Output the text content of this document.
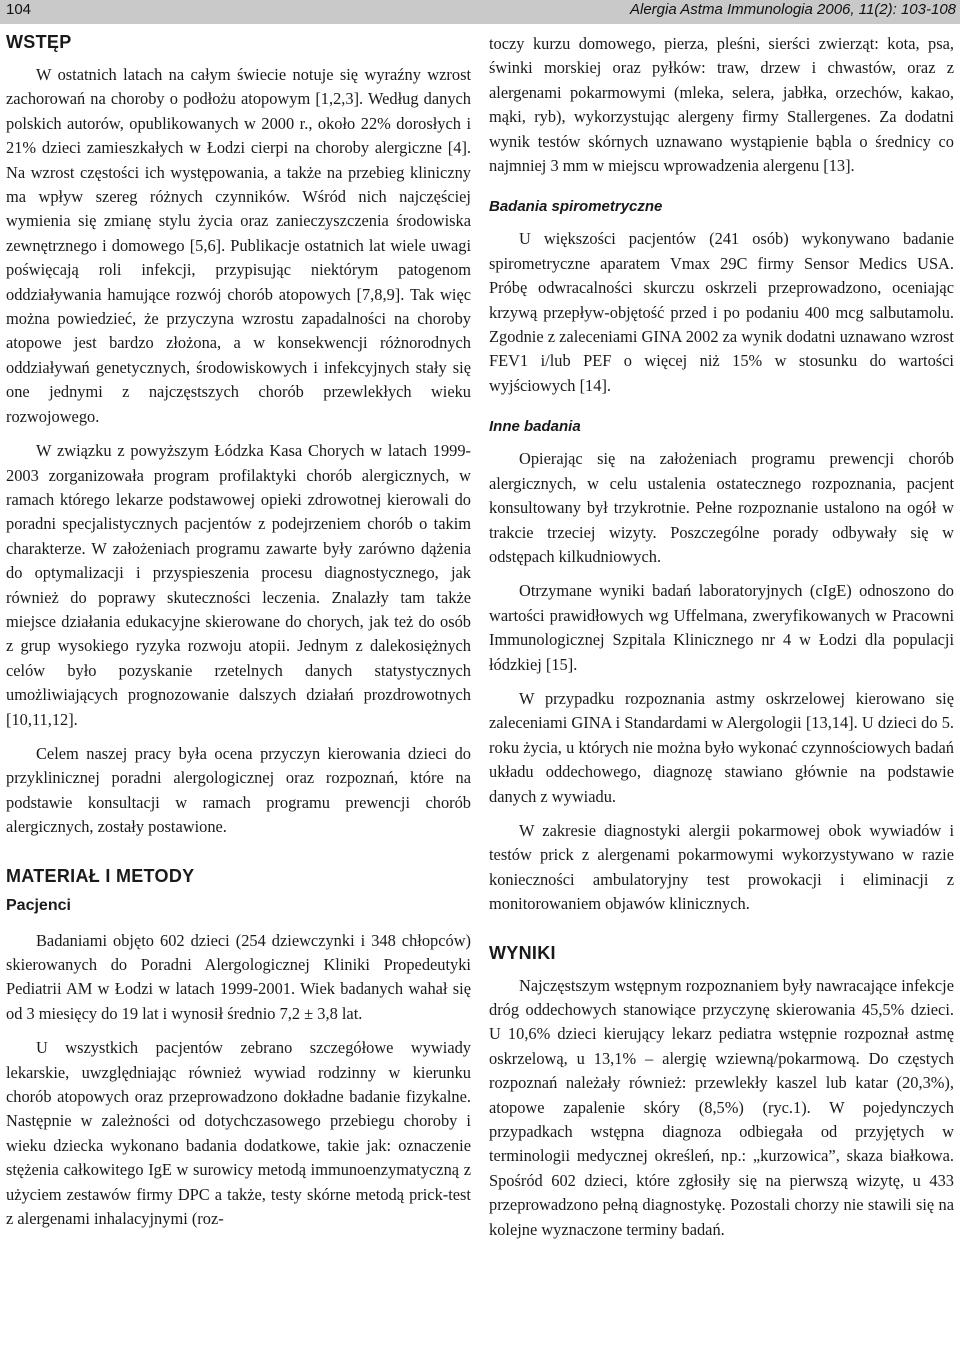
104	Alergia Astma Immunologia 2006, 11(2): 103-108
WSTĘP

W ostatnich latach na całym świecie notuje się wyraźny wzrost zachorowań na choroby o podłożu atopowym [1,2,3]. Według danych polskich autorów, opublikowanych w 2000 r., około 22% dorosłych i 21% dzieci zamieszkałych w Łodzi cierpi na choroby alergiczne [4]. Na wzrost częstości ich występowania, a także na przebieg kliniczny ma wpływ szereg różnych czynników. Wśród nich najczęściej wymienia się zmianę stylu życia oraz zanieczyszczenia środowiska zewnętrznego i domowego [5,6]. Publikacje ostatnich lat wiele uwagi poświęcają roli infekcji, przypisując niektórym patogenom oddziaływania hamujące rozwój chorób atopowych [7,8,9]. Tak więc można powiedzieć, że przyczyna wzrostu zapadalności na choroby atopowe jest bardzo złożona, a w konsekwencji różnorodnych oddziaływań genetycznych, środowiskowych i infekcyjnych stały się one jednymi z najczęstszych chorób przewlekłych wieku rozwojowego.

W związku z powyższym Łódzka Kasa Chorych w latach 1999-2003 zorganizowała program profilaktyki chorób alergicznych, w ramach którego lekarze podstawowej opieki zdrowotnej kierowali do poradni specjalistycznych pacjentów z podejrzeniem chorób o takim charakterze. W założeniach programu zawarte były zarówno dążenia do optymalizacji i przyspieszenia procesu diagnostycznego, jak również do poprawy skuteczności leczenia. Znalazły tam także miejsce działania edukacyjne skierowane do chorych, jak też do osób z grup wysokiego ryzyka rozwoju atopii. Jednym z dalekosiężnych celów było pozyskanie rzetelnych danych statystycznych umożliwiających prognozowanie dalszych działań prozdrowotnych [10,11,12].

Celem naszej pracy była ocena przyczyn kierowania dzieci do przyklinicznej poradni alergologicznej oraz rozpoznań, które na podstawie konsultacji w ramach programu prewencji chorób alergicznych, zostały postawione.

MATERIAŁ I METODY
Pacjenci

Badaniami objęto 602 dzieci (254 dziewczynki i 348 chłopców) skierowanych do Poradni Alergologicznej Kliniki Propedeutyki Pediatrii AM w Łodzi w latach 1999-2001. Wiek badanych wahał się od 3 miesięcy do 19 lat i wynosił średnio 7,2 ± 3,8 lat.

U wszystkich pacjentów zebrano szczegółowe wywiady lekarskie, uwzględniając również wywiad rodzinny w kierunku chorób atopowych oraz przeprowadzono dokładne badanie fizykalne. Następnie w zależności od dotychczasowego przebiegu choroby i wieku dziecka wykonano badania dodatkowe, takie jak: oznaczenie stężenia całkowitego IgE w surowicy metodą immunoenzymatyczną z użyciem zestawów firmy DPC a także, testy skórne metodą prick-test z alergenami inhalacyjnymi (roz-

toczy kurzu domowego, pierza, pleśni, sierści zwierząt: kota, psa, świnki morskiej oraz pyłków: traw, drzew i chwastów, oraz z alergenami pokarmowymi (mleka, selera, jabłka, orzechów, kakao, mąki, ryb), wykorzystując alergeny firmy Stallergenes. Za dodatni wynik testów skórnych uznawano wystąpienie bąbla o średnicy co najmniej 3 mm w miejscu wprowadzenia alergenu [13].

Badania spirometryczne

U większości pacjentów (241 osób) wykonywano badanie spirometryczne aparatem Vmax 29C firmy Sensor Medics USA. Próbę odwracalności skurczu oskrzeli przeprowadzono, oceniając krzywą przepływ-objętość przed i po podaniu 400 mcg salbutamolu. Zgodnie z zaleceniami GINA 2002 za wynik dodatni uznawano wzrost FEV1 i/lub PEF o więcej niż 15% w stosunku do wartości wyjściowych [14].

Inne badania

Opierając się na założeniach programu prewencji chorób alergicznych, w celu ustalenia ostatecznego rozpoznania, pacjent konsultowany był trzykrotnie. Pełne rozpoznanie ustalono na ogół w trakcie trzeciej wizyty. Poszczególne porady odbywały się w odstępach kilkudniowych.

Otrzymane wyniki badań laboratoryjnych (cIgE) odnoszono do wartości prawidłowych wg Uffelmana, zweryfikowanych w Pracowni Immunologicznej Szpitala Klinicznego nr 4 w Łodzi dla populacji łódzkiej [15].

W przypadku rozpoznania astmy oskrzelowej kierowano się zaleceniami GINA i Standardami w Alergologii [13,14]. U dzieci do 5. roku życia, u których nie można było wykonać czynnościowych badań układu oddechowego, diagnozę stawiano głównie na podstawie danych z wywiadu.

W zakresie diagnostyki alergii pokarmowej obok wywiadów i testów prick z alergenami pokarmowymi wykorzystywano w razie konieczności ambulatoryjny test prowokacji i eliminacji z monitorowaniem objawów klinicznych.

WYNIKI

Najczęstszym wstępnym rozpoznaniem były nawracające infekcje dróg oddechowych stanowiące przyczynę skierowania 45,5% dzieci. U 10,6% dzieci kierujący lekarz pediatra wstępnie rozpoznał astmę oskrzelową, u 13,1% – alergię wziewną/pokarmową. Do częstych rozpoznań należały również: przewlekły kaszel lub katar (20,3%), atopowe zapalenie skóry (8,5%) (ryc.1). W pojedynczych przypadkach wstępna diagnoza odbiegała od przyjętych w terminologii medycznej określeń, np.: „kurzowica”, skaza białkowa. Spośród 602 dzieci, które zgłosiły się na pierwszą wizytę, u 433 przeprowadzono pełną diagnostykę. Pozostali chorzy nie stawili się na kolejne wyznaczone terminy badań.
